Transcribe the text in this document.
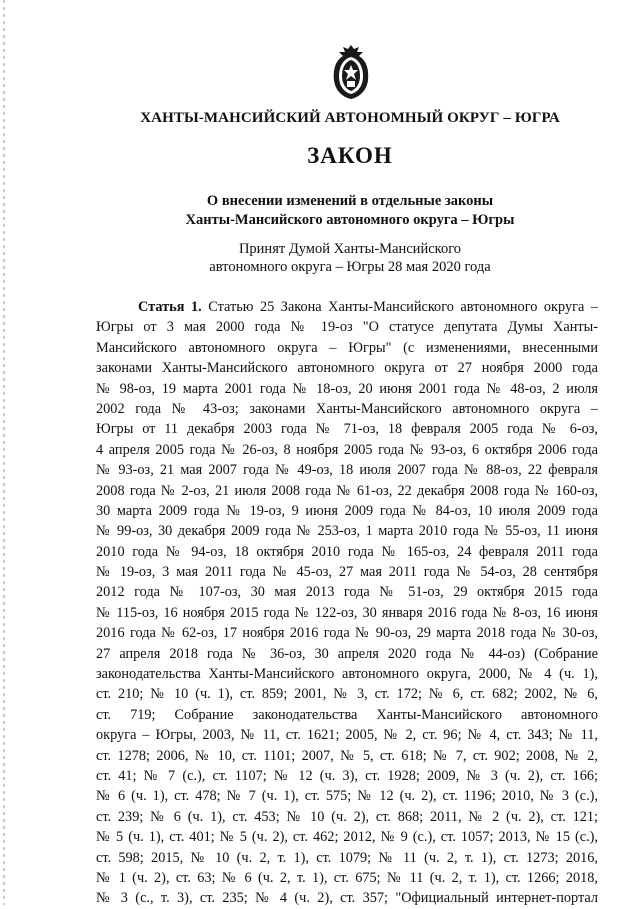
ХАНТЫ-МАНСИЙСКИЙ АВТОНОМНЫЙ ОКРУГ – ЮГРА
ЗАКОН
О внесении изменений в отдельные законы
Ханты-Мансийского автономного округа – Югры
Принят Думой Ханты-Мансийского
автономного округа – Югры 28 мая 2020 года
Статья 1. Статью 25 Закона Ханты-Мансийского автономного округа –
Югры от 3 мая 2000 года № 19-оз "О статусе депутата Думы Ханты-
Мансийского автономного округа – Югры" (с изменениями, внесенными
законами Ханты-Мансийского автономного округа от 27 ноября 2000 года
№ 98-оз, 19 марта 2001 года № 18-оз, 20 июня 2001 года № 48-оз, 2 июля
2002 года № 43-оз; законами Ханты-Мансийского автономного округа –
Югры от 11 декабря 2003 года № 71-оз, 18 февраля 2005 года № 6-оз,
4 апреля 2005 года № 26-оз, 8 ноября 2005 года № 93-оз, 6 октября 2006 года
№ 93-оз, 21 мая 2007 года № 49-оз, 18 июля 2007 года № 88-оз, 22 февраля
2008 года № 2-оз, 21 июля 2008 года № 61-оз, 22 декабря 2008 года № 160-оз,
30 марта 2009 года № 19-оз, 9 июня 2009 года № 84-оз, 10 июля 2009 года
№ 99-оз, 30 декабря 2009 года № 253-оз, 1 марта 2010 года № 55-оз, 11 июня
2010 года № 94-оз, 18 октября 2010 года № 165-оз, 24 февраля 2011 года
№ 19-оз, 3 мая 2011 года № 45-оз, 27 мая 2011 года № 54-оз, 28 сентября
2012 года № 107-оз, 30 мая 2013 года № 51-оз, 29 октября 2015 года
№ 115-оз, 16 ноября 2015 года № 122-оз, 30 января 2016 года № 8-оз, 16 июня
2016 года № 62-оз, 17 ноября 2016 года № 90-оз, 29 марта 2018 года № 30-оз,
27 апреля 2018 года № 36-оз, 30 апреля 2020 года № 44-оз) (Собрание
законодательства Ханты-Мансийского автономного округа, 2000, № 4 (ч. 1),
ст. 210; № 10 (ч. 1), ст. 859; 2001, № 3, ст. 172; № 6, ст. 682; 2002, № 6,
ст. 719; Собрание законодательства Ханты-Мансийского автономного
округа – Югры, 2003, № 11, ст. 1621; 2005, № 2, ст. 96; № 4, ст. 343; № 11,
ст. 1278; 2006, № 10, ст. 1101; 2007, № 5, ст. 618; № 7, ст. 902; 2008, № 2,
ст. 41; № 7 (с.), ст. 1107; № 12 (ч. 3), ст. 1928; 2009, № 3 (ч. 2), ст. 166;
№ 6 (ч. 1), ст. 478; № 7 (ч. 1), ст. 575; № 12 (ч. 2), ст. 1196; 2010, № 3 (с.),
ст. 239; № 6 (ч. 1), ст. 453; № 10 (ч. 2), ст. 868; 2011, № 2 (ч. 2), ст. 121;
№ 5 (ч. 1), ст. 401; № 5 (ч. 2), ст. 462; 2012, № 9 (с.), ст. 1057; 2013, № 15 (с.),
ст. 598; 2015, № 10 (ч. 2, т. 1), ст. 1079; № 11 (ч. 2, т. 1), ст. 1273; 2016,
№ 1 (ч. 2), ст. 63; № 6 (ч. 2, т. 1), ст. 675; № 11 (ч. 2, т. 1), ст. 1266; 2018,
№ 3 (с., т. 3), ст. 235; № 4 (ч. 2), ст. 357; "Официальный интернет-портал
